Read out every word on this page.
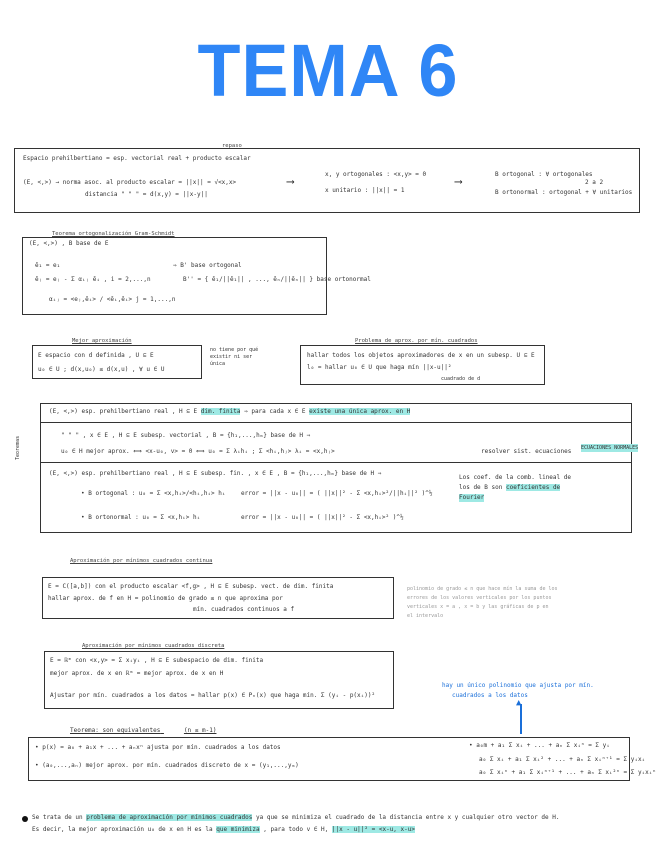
TEMA 6
repaso
Espacio prehilbertiano = esp. vectorial real + producto escalar
(E, <,>) → norma asoc. al producto escalar = ||x|| = √<x,x>
distancia " " " = d(x,y) = ||x-y||
⟶
x, y ortogonales : <x,y> = 0
x unitario : ||x|| = 1
⟶
B ortogonal : ∀ ortogonales
2 a 2
B ortonormal : ortogonal + ∀ unitarios
Teorema ortogonalización Gram-Schmidt
(E, <,>) , B base de E
ē₁ = e₁
ēⱼ = eⱼ - Σ αᵢⱼ ēᵢ , i = 2,...,n
αᵢⱼ = <eⱼ,ēᵢ> / <ēᵢ,ēᵢ> j = 1,...,n
⇒ B' base ortogonal
B'' = { ē₁/||ē₁|| , ..., ēₙ/||ēₙ|| } base ortonormal
Mejor aproximación
E espacio con d definida , U ⊆ E
u₀ ∈ U ; d(x,u₀) ≤ d(x,u) , ∀ u ∈ U
no tiene por qué existir ni ser única
Problema de aprox. por mín. cuadrados
hallar todos los objetos aproximadores de x en un subesp. U ⊆ E
l₀ = hallar u₀ ∈ U que haga mín ||x-u||²
cuadrado de d
(E, <,>) esp. prehilbertiano real , H ⊆ E dim. finita ⇒ para cada x ∈ E existe una única aprox. en H
" " " , x ∈ E , H ⊆ E subesp. vectorial , B = {h₁,...,hₘ} base de H ⇒
u₀ ∈ H mejor aprox. ⟺ <x-u₀, v> = 0 ⟺ u₀ = Σ λᵢhᵢ ; Σ <hᵢ,hⱼ> λᵢ = <x,hⱼ>	resolver sist. ecuaciones ECUACIONES NORMALES
(E, <,>) esp. prehilbertiano real , H ⊆ E subesp. fin. , x ∈ E , B = {h₁,...,hₘ} base de H ⇒
• B ortogonal : u₀ = Σ <x,hᵢ>/<hᵢ,hᵢ> hᵢ	error = ||x - u₀|| = ( ||x||² - Σ <x,hᵢ>²/||hᵢ||² )^½
• B ortonormal : u₀ = Σ <x,hᵢ> hᵢ	error = ||x - u₀|| = ( ||x||² - Σ <x,hᵢ>² )^½
Los coef. de la comb. lineal de
los de B son coeficientes de
Fourier
Teoremas
Aproximación por mínimos cuadrados continua
E = C([a,b]) con el producto escalar <f,g> , H ⊆ E subesp. vect. de dim. finita
hallar aprox. de f en H = polinomio de grado ≤ n que aproxima por
mín. cuadrados continuos a f
polinomio de grado ≤ n que hace mín la suma de los
errores de los valores verticales por los puntos
verticales x = a , x = b y las gráficas de p en
el intervalo
Aproximación por mínimos cuadrados discreta
E = ℝᵐ con <x,y> = Σ xᵢyᵢ , H ⊆ E subespacio de dim. finita
mejor aprox. de x en ℝᵐ = mejor aprox. de x en H
Ajustar por mín. cuadrados a los datos = hallar p(x) ∈ Pₙ(x) que haga mín. Σ (yᵢ - p(xᵢ))²
hay un único polinomio que ajusta por mín.
cuadrados a los datos
▲
Teorema: son equivalentes	(n ≤ m-1)
• p(x) = a₀ + a₁x + ... + aₙxⁿ ajusta por mín. cuadrados a los datos
• (a₀,...,aₙ) mejor aprox. por mín. cuadrados discreto de x = (y₁,...,yₘ)
• a₀m + a₁ Σ xᵢ + ... + aₙ Σ xᵢⁿ = Σ yᵢ
a₀ Σ xᵢ + a₁ Σ xᵢ² + ... + aₙ Σ xᵢⁿ⁺¹ = Σ yᵢxᵢ
a₀ Σ xᵢⁿ + a₁ Σ xᵢⁿ⁺¹ + ... + aₙ Σ xᵢ²ⁿ = Σ yᵢxᵢⁿ
Se trata de un problema de aproximación por mínimos cuadrados ya que se minimiza el cuadrado de la distancia entre x y cualquier otro vector de H.
Es decir, la mejor aproximación u₀ de x en H es la que minimiza , para todo v ∈ H, ||x - u||² = <x-u, x-u>
